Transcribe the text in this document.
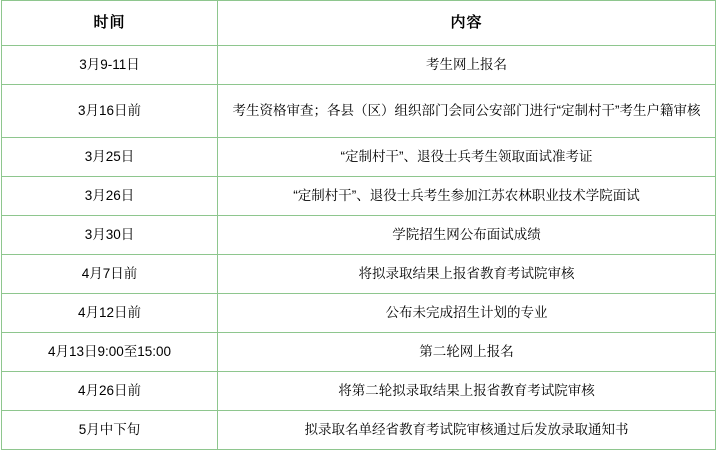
时间	内容
3月9-11日	考生网上报名
3月16日前	考生资格审查；各县（区）组织部门会同公安部门进行“定制村干”考生户籍审核
3月25日	“定制村干”、退役士兵考生领取面试准考证
3月26日	“定制村干”、退役士兵考生参加江苏农林职业技术学院面试
3月30日	学院招生网公布面试成绩
4月7日前	将拟录取结果上报省教育考试院审核
4月12日前	公布未完成招生计划的专业
4月13日9:00至15:00	第二轮网上报名
4月26日前	将第二轮拟录取结果上报省教育考试院审核
5月中下旬	拟录取名单经省教育考试院审核通过后发放录取通知书
